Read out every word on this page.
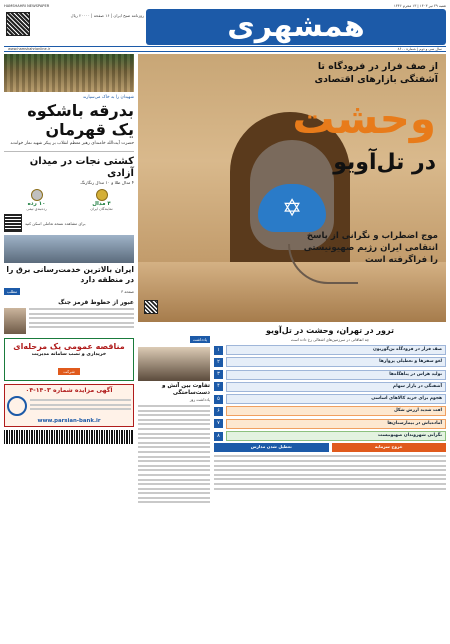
شنبه ۲۹ تیر ۱۴۰۳ | ۱۳ محرم ۱۴۴۶
HAMSHAHRI NEWSPAPER
همشهری
روزنامه صبح ایران | ۱۶ صفحه | ۲۰۰۰۰ ریال
سال سی و دوم | شماره ۸۶۰۰
www.hamshahrionline.ir
شهیدان را به خاک می‌سپارند
بدرقه باشکوه یک قهرمان
حضرت آیت‌الله خامنه‌ای رهبر معظم انقلاب بر پیکر شهید نماز خواندند
کشتی نجات در میدان آزادی
۴ مدال طلا و ۱۰ مدال رنگارنگ
۴ مدال
نمایندگان ایران
۱۰ رده
رده‌بندی تیمی
برای مشاهده نسخه تعاملی اسکن کنید
ایران بالاترین خدمت‌رسانی برق را در منطقه دارد
مطلب	صفحه ۳
عبور از خطوط قرمز جنگ
مناقصه عمومی یک مرحله‌ای
خریداری و نصب سامانه مدیریت
شرکت
آگهی مزایده شماره ۱۴۰۳-۰۴
www.parsian-bank.ir
✡
از صف فرار در فرودگاه تا آشفتگی بازارهای اقتصادی
وحشت
در تل‌آویو
موج اضطراب و نگرانی از پاسخ انتقامی ایران رژیم صهیونیستی را فراگرفته است
یادداشت
تفاوت بین آتش و دست‌ساختگی
یادداشت روز
ترور در تهران، وحشت در تل‌آویو
چه اتفاقاتی در سرزمین‌های اشغالی رخ داده است
۱	صف فرار در فرودگاه بن‌گوریون
۲	لغو سفرها و تعطیلی پروازها
۳	تولید هراس در پناهگاه‌ها
۴	آشفتگی در بازار سهام
۵	هجوم برای خرید کالاهای اساسی
۶	افت شدید ارزش شکل
۷	آماده‌باش در بیمارستان‌ها
۸	نگرانی شهروندان صهیونیست
تعطیل شدن مدارس	خروج سرمایه
